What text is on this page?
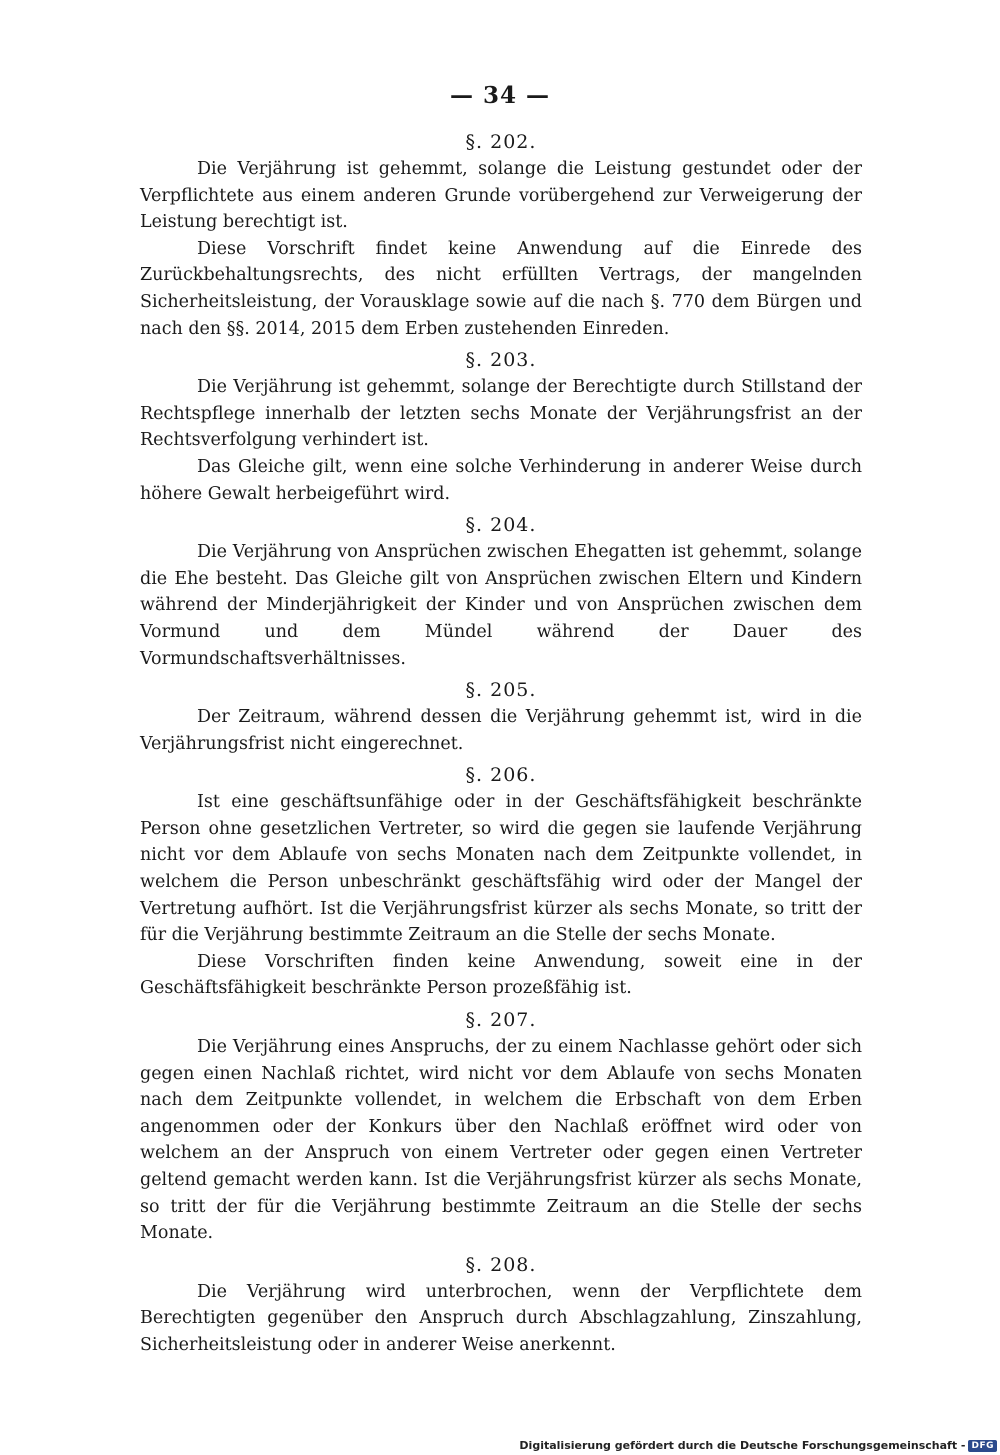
— 34 —

§. 202.

Die Verjährung ist gehemmt, solange die Leistung gestundet oder der Verpflichtete aus einem anderen Grunde vorübergehend zur Verweigerung der Leistung berechtigt ist.

Diese Vorschrift findet keine Anwendung auf die Einrede des Zurückbehaltungsrechts, des nicht erfüllten Vertrags, der mangelnden Sicherheitsleistung, der Vorausklage sowie auf die nach §. 770 dem Bürgen und nach den §§. 2014, 2015 dem Erben zustehenden Einreden.

§. 203.

Die Verjährung ist gehemmt, solange der Berechtigte durch Stillstand der Rechtspflege innerhalb der letzten sechs Monate der Verjährungsfrist an der Rechtsverfolgung verhindert ist.

Das Gleiche gilt, wenn eine solche Verhinderung in anderer Weise durch höhere Gewalt herbeigeführt wird.

§. 204.

Die Verjährung von Ansprüchen zwischen Ehegatten ist gehemmt, solange die Ehe besteht. Das Gleiche gilt von Ansprüchen zwischen Eltern und Kindern während der Minderjährigkeit der Kinder und von Ansprüchen zwischen dem Vormund und dem Mündel während der Dauer des Vormundschaftsverhältnisses.

§. 205.

Der Zeitraum, während dessen die Verjährung gehemmt ist, wird in die Verjährungsfrist nicht eingerechnet.

§. 206.

Ist eine geschäftsunfähige oder in der Geschäftsfähigkeit beschränkte Person ohne gesetzlichen Vertreter, so wird die gegen sie laufende Verjährung nicht vor dem Ablaufe von sechs Monaten nach dem Zeitpunkte vollendet, in welchem die Person unbeschränkt geschäftsfähig wird oder der Mangel der Vertretung aufhört. Ist die Verjährungsfrist kürzer als sechs Monate, so tritt der für die Verjährung bestimmte Zeitraum an die Stelle der sechs Monate.

Diese Vorschriften finden keine Anwendung, soweit eine in der Geschäftsfähigkeit beschränkte Person prozeßfähig ist.

§. 207.

Die Verjährung eines Anspruchs, der zu einem Nachlasse gehört oder sich gegen einen Nachlaß richtet, wird nicht vor dem Ablaufe von sechs Monaten nach dem Zeitpunkte vollendet, in welchem die Erbschaft von dem Erben angenommen oder der Konkurs über den Nachlaß eröffnet wird oder von welchem an der Anspruch von einem Vertreter oder gegen einen Vertreter geltend gemacht werden kann. Ist die Verjährungsfrist kürzer als sechs Monate, so tritt der für die Verjährung bestimmte Zeitraum an die Stelle der sechs Monate.

§. 208.

Die Verjährung wird unterbrochen, wenn der Verpflichtete dem Berechtigten gegenüber den Anspruch durch Abschlagzahlung, Zinszahlung, Sicherheitsleistung oder in anderer Weise anerkennt.

Digitalisierung gefördert durch die Deutsche Forschungsgemeinschaft - DFG
